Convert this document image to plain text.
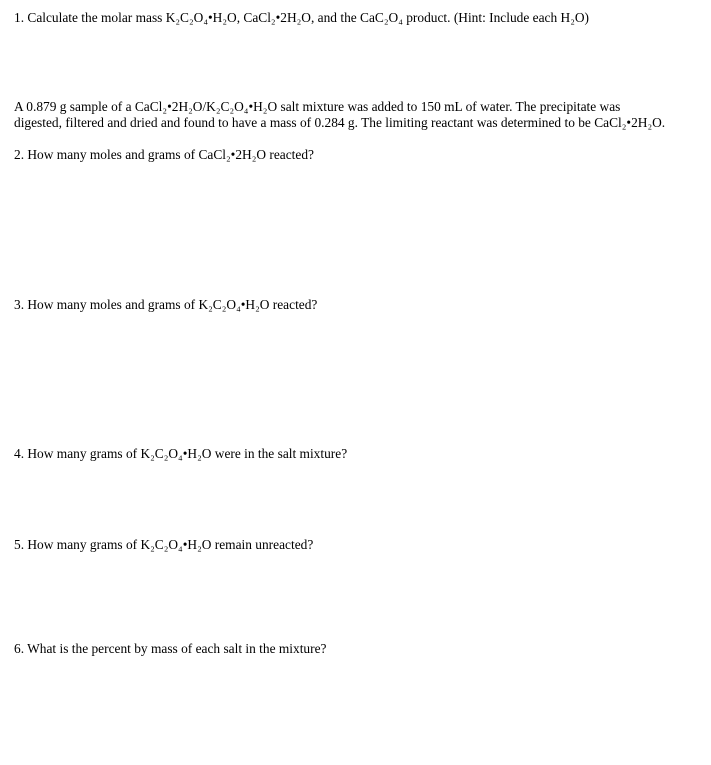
1. Calculate the molar mass K₂C₂O₄•H₂O, CaCl₂•2H₂O, and the CaC₂O₄ product. (Hint: Include each H₂O)
A 0.879 g sample of a CaCl₂•2H₂O/K₂C₂O₄•H₂O salt mixture was added to 150 mL of water. The precipitate was
digested, filtered and dried and found to have a mass of 0.284 g. The limiting reactant was determined to be CaCl₂•2H₂O.
2. How many moles and grams of CaCl₂•2H₂O reacted?
3. How many moles and grams of K₂C₂O₄•H₂O reacted?
4. How many grams of K₂C₂O₄•H₂O were in the salt mixture?
5. How many grams of K₂C₂O₄•H₂O remain unreacted?
6. What is the percent by mass of each salt in the mixture?
